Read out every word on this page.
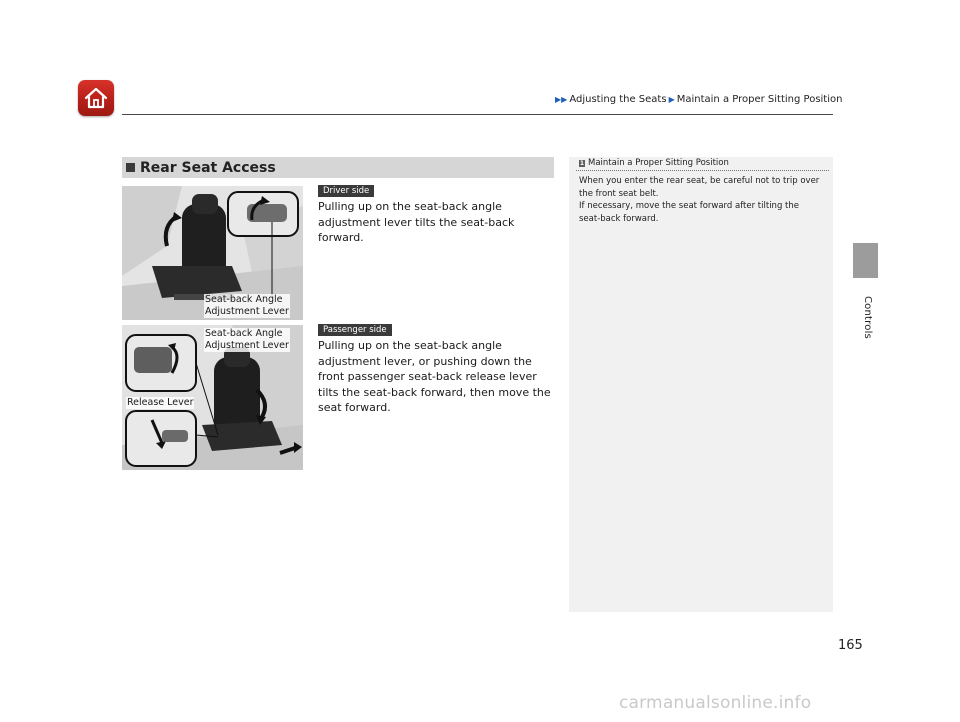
▶▶ Adjusting the Seats ▶ Maintain a Proper Sitting Position
Controls
Rear Seat Access
Seat-back Angle
Adjustment Lever
Driver side
Pulling up on the seat-back angle adjustment lever tilts the seat-back forward.
Seat-back Angle
Adjustment Lever
Release Lever
Passenger side
Pulling up on the seat-back angle adjustment lever, or pushing down the front passenger seat-back release lever tilts the seat-back forward, then move the seat forward.
1 Maintain a Proper Sitting Position
When you enter the rear seat, be careful not to trip over the front seat belt.
If necessary, move the seat forward after tilting the seat-back forward.
165
carmanualsonline.info
